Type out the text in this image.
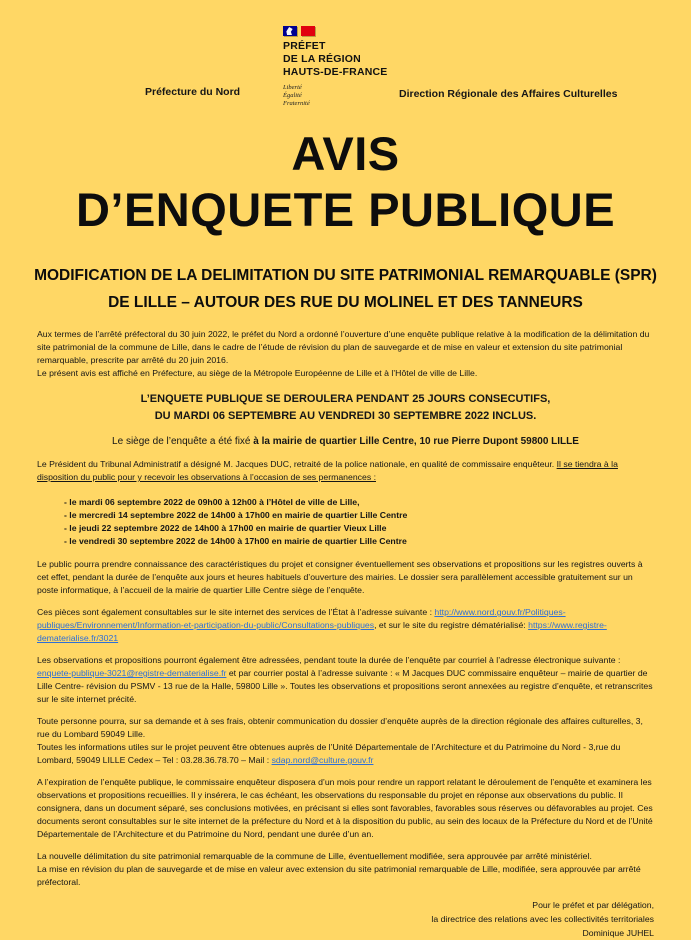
Préfecture du Nord
PRÉFET
DE LA RÉGION
HAUTS-DE-FRANCE
Liberté
Égalité
Fraternité
Direction Régionale des Affaires Culturelles
AVIS
D’ENQUETE PUBLIQUE
MODIFICATION DE LA DELIMITATION DU SITE PATRIMONIAL REMARQUABLE (SPR) DE LILLE – AUTOUR DES RUE DU MOLINEL ET DES TANNEURS

Aux termes de l’arrêté préfectoral du 30 juin 2022, le préfet du Nord a ordonné l’ouverture d’une enquête publique relative à la modification de la délimitation du site patrimonial de la commune de Lille, dans le cadre de l’étude de révision du plan de sauvegarde et de mise en valeur et extension du site patrimonial remarquable, prescrite par arrêté du 20 juin 2016.
Le présent avis est affiché en Préfecture, au siège de la Métropole Européenne de Lille et à l’Hôtel de ville de Lille.

L’ENQUETE PUBLIQUE SE DEROULERA PENDANT 25 JOURS CONSECUTIFS,
DU MARDI 06 SEPTEMBRE AU VENDREDI 30 SEPTEMBRE 2022 INCLUS.
Le siège de l’enquête a été fixé à la mairie de quartier Lille Centre, 10 rue Pierre Dupont 59800 LILLE

Le Président du Tribunal Administratif a désigné M. Jacques DUC, retraité de la police nationale, en qualité de commissaire enquêteur. Il se tiendra à la disposition du public pour y recevoir les observations à l’occasion de ses permanences :

- le mardi 06 septembre 2022 de 09h00 à 12h00 à l’Hôtel de ville de Lille,
- le mercredi 14 septembre 2022 de 14h00 à 17h00 en mairie de quartier Lille Centre
- le jeudi 22 septembre 2022 de 14h00 à 17h00 en mairie de quartier Vieux Lille
- le vendredi 30 septembre 2022 de 14h00 à 17h00 en mairie de quartier Lille Centre

Le public pourra prendre connaissance des caractéristiques du projet et consigner éventuellement ses observations et propositions sur les registres ouverts à cet effet, pendant la durée de l’enquête aux jours et heures habituels d’ouverture des mairies. Le dossier sera parallèlement accessible gratuitement sur un poste informatique, à l’accueil de la mairie de quartier Lille Centre siège de l’enquête.

Ces pièces sont également consultables sur le site internet des services de l’État à l’adresse suivante : http://www.nord.gouv.fr/Politiques-publiques/Environnement/Information-et-participation-du-public/Consultations-publiques, et sur le site du registre dématérialisé: https://www.registre-dematerialise.fr/3021

Les observations et propositions pourront également être adressées, pendant toute la durée de l’enquête par courriel à l’adresse électronique suivante : enquete-publique-3021@registre-dematerialise.fr et par courrier postal à l’adresse suivante : « M Jacques DUC commissaire enquêteur – mairie de quartier de Lille Centre- révision du PSMV - 13 rue de la Halle, 59800 Lille ». Toutes les observations et propositions seront annexées au registre d’enquête, et retranscrites sur le site internet précité.

Toute personne pourra, sur sa demande et à ses frais, obtenir communication du dossier d’enquête auprès de la direction régionale des affaires culturelles, 3, rue du Lombard 59049 Lille.
Toutes les informations utiles sur le projet peuvent être obtenues auprès de l’Unité Départementale de l’Architecture et du Patrimoine du Nord - 3,rue du Lombard, 59049 LILLE Cedex – Tel : 03.28.36.78.70 – Mail : sdap.nord@culture.gouv.fr

A l’expiration de l’enquête publique, le commissaire enquêteur disposera d’un mois pour rendre un rapport relatant le déroulement de l’enquête et examinera les observations et propositions recueillies. Il y insérera, le cas échéant, les observations du responsable du projet en réponse aux observations du public. Il consignera, dans un document séparé, ses conclusions motivées, en précisant si elles sont favorables, favorables sous réserves ou défavorables au projet. Ces documents seront consultables sur le site internet de la préfecture du Nord et à la disposition du public, au sein des locaux de la Préfecture du Nord et de l’Unité Départementale de l’Architecture et du Patrimoine du Nord, pendant une durée d’un an.

La nouvelle délimitation du site patrimonial remarquable de la commune de Lille, éventuellement modifiée, sera approuvée par arrêté ministériel.
La mise en révision du plan de sauvegarde et de mise en valeur avec extension du site patrimonial remarquable de Lille, modifiée, sera approuvée par arrêté préfectoral.

Pour le préfet et par délégation,
la directrice des relations avec les collectivités territoriales
Dominique JUHEL
